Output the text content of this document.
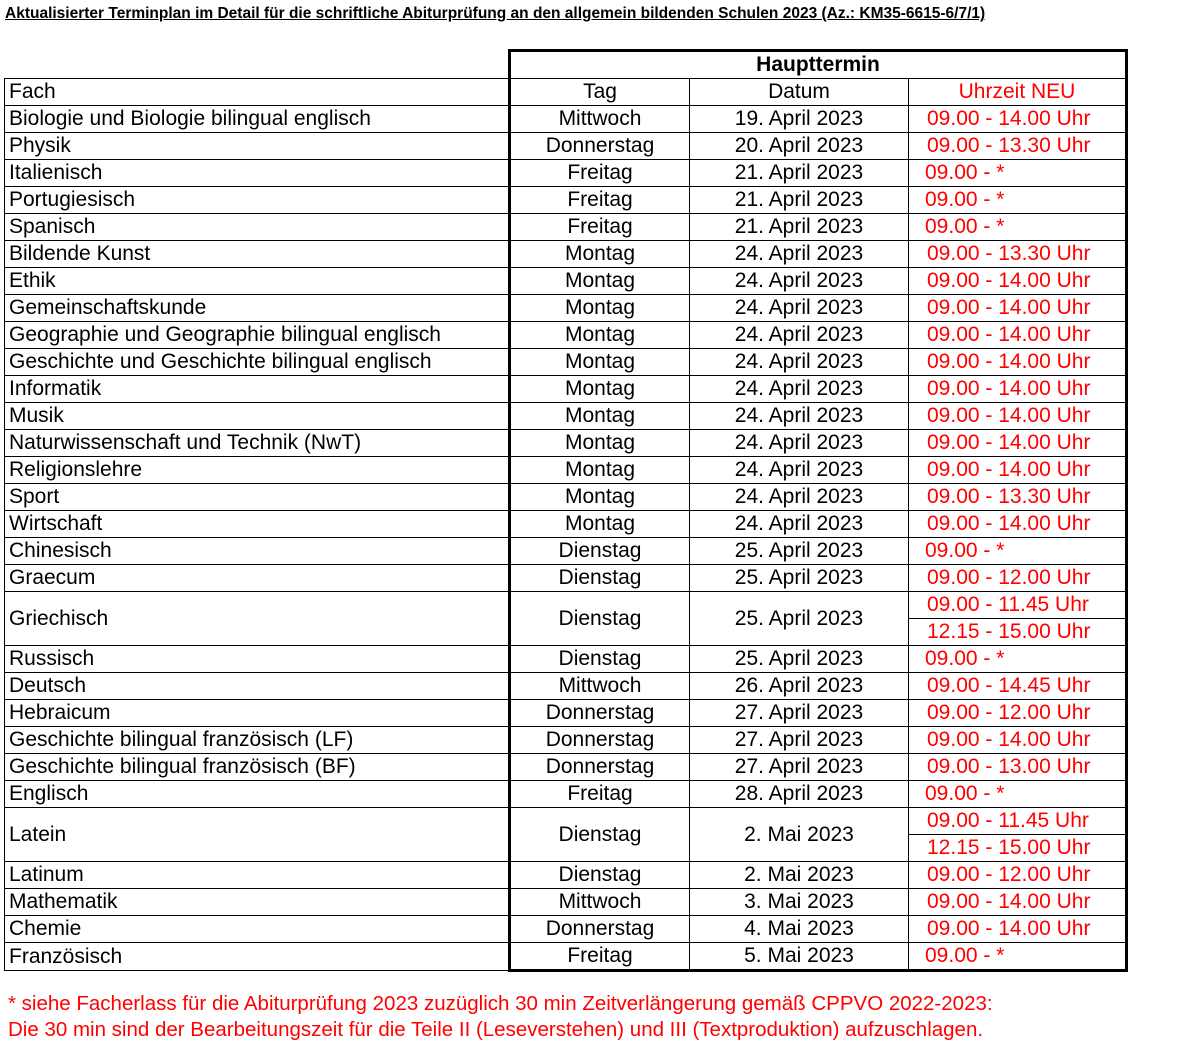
Aktualisierter Terminplan im Detail für die schriftliche Abiturprüfung an den allgemein bildenden Schulen 2023 (Az.: KM35-6615-6/7/1)
	Haupttermin		
Fach	Tag	Datum	Uhrzeit NEU
Biologie und Biologie bilingual englisch	Mittwoch	19. April 2023	09.00 - 14.00 Uhr
Physik	Donnerstag	20. April 2023	09.00 - 13.30 Uhr
Italienisch	Freitag	21. April 2023	09.00 - *
Portugiesisch	Freitag	21. April 2023	09.00 - *
Spanisch	Freitag	21. April 2023	09.00 - *
Bildende Kunst	Montag	24. April 2023	09.00 - 13.30 Uhr
Ethik	Montag	24. April 2023	09.00 - 14.00 Uhr
Gemeinschaftskunde	Montag	24. April 2023	09.00 - 14.00 Uhr
Geographie und Geographie bilingual englisch	Montag	24. April 2023	09.00 - 14.00 Uhr
Geschichte und Geschichte bilingual englisch	Montag	24. April 2023	09.00 - 14.00 Uhr
Informatik	Montag	24. April 2023	09.00 - 14.00 Uhr
Musik	Montag	24. April 2023	09.00 - 14.00 Uhr
Naturwissenschaft und Technik (NwT)	Montag	24. April 2023	09.00 - 14.00 Uhr
Religionslehre	Montag	24. April 2023	09.00 - 14.00 Uhr
Sport	Montag	24. April 2023	09.00 - 13.30 Uhr
Wirtschaft	Montag	24. April 2023	09.00 - 14.00 Uhr
Chinesisch	Dienstag	25. April 2023	09.00 - *
Graecum	Dienstag	25. April 2023	09.00 - 12.00 Uhr
Griechisch	Dienstag	25. April 2023	09.00 - 11.45 Uhr
			12.15 - 15.00 Uhr
Russisch	Dienstag	25. April 2023	09.00 - *
Deutsch	Mittwoch	26. April 2023	09.00 - 14.45 Uhr
Hebraicum	Donnerstag	27. April 2023	09.00 - 12.00 Uhr
Geschichte bilingual französisch (LF)	Donnerstag	27. April 2023	09.00 - 14.00 Uhr
Geschichte bilingual französisch (BF)	Donnerstag	27. April 2023	09.00 - 13.00 Uhr
Englisch	Freitag	28. April 2023	09.00 - *
Latein	Dienstag	2. Mai 2023	09.00 - 11.45 Uhr
			12.15 - 15.00 Uhr
Latinum	Dienstag	2. Mai 2023	09.00 - 12.00 Uhr
Mathematik	Mittwoch	3. Mai 2023	09.00 - 14.00 Uhr
Chemie	Donnerstag	4. Mai 2023	09.00 - 14.00 Uhr
Französisch	Freitag	5. Mai 2023	09.00 - *
* siehe Facherlass für die Abiturprüfung 2023 zuzüglich 30 min Zeitverlängerung gemäß CPPVO 2022-2023:
Die 30 min sind der Bearbeitungszeit für die Teile II (Leseverstehen) und III (Textproduktion) aufzuschlagen.
